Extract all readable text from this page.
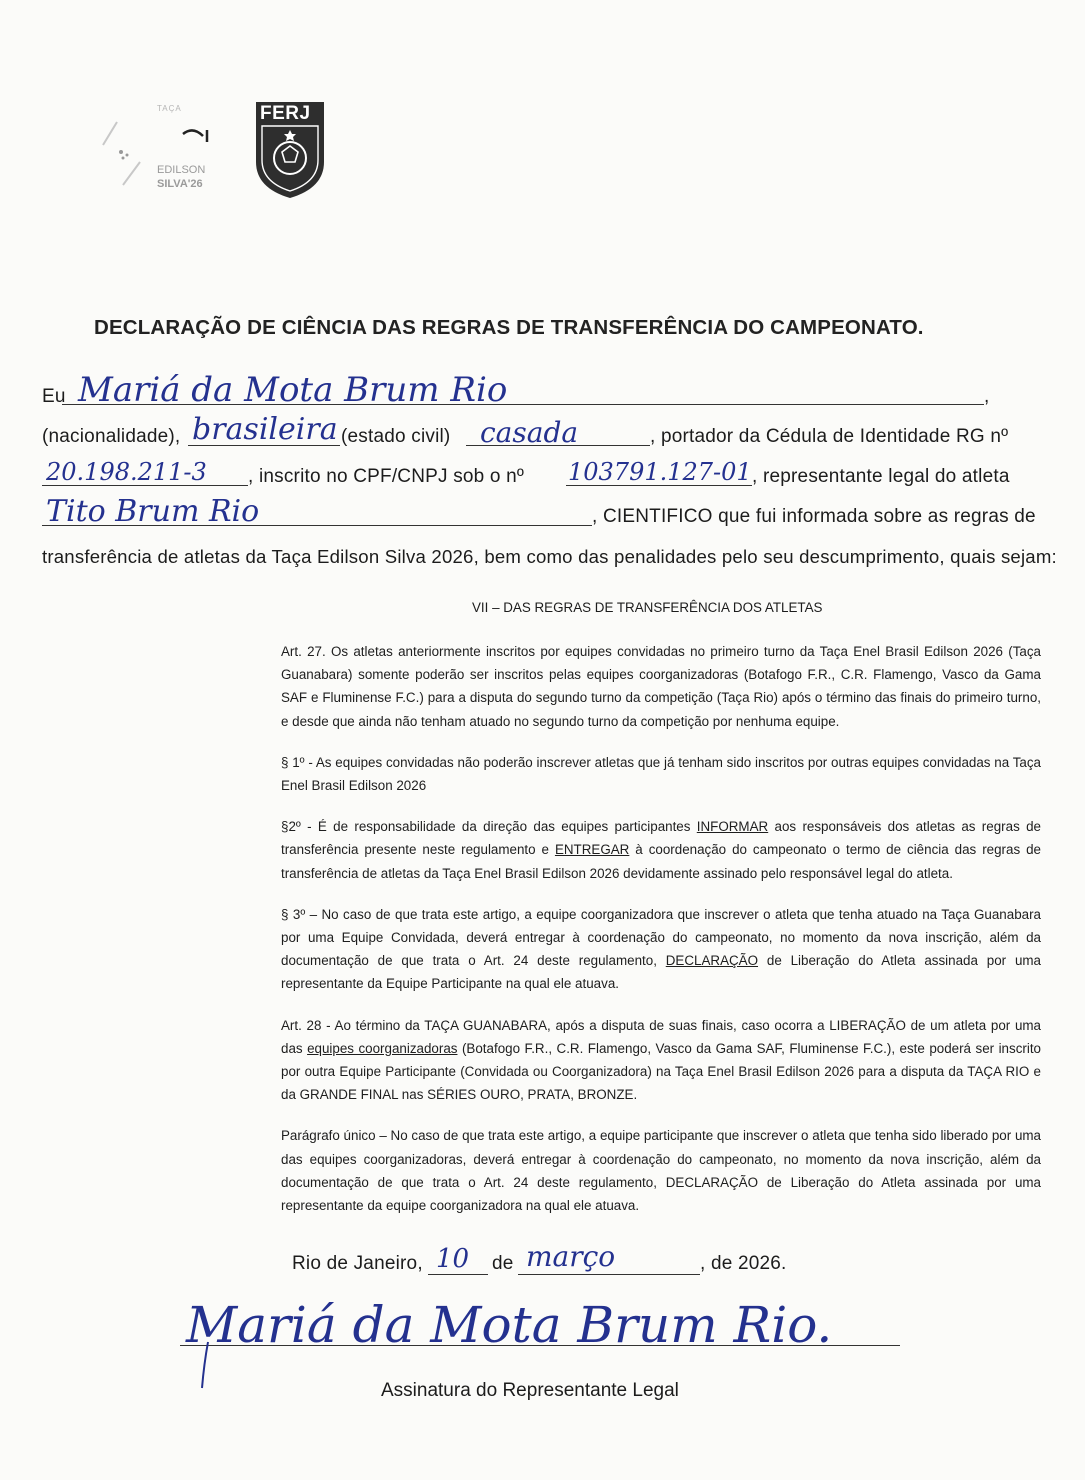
TAÇA
EDILSON
SILVA'26
FERJ
DECLARAÇÃO DE CIÊNCIA DAS REGRAS DE TRANSFERÊNCIA DO CAMPEONATO.
Eu Mariá da Mota Brum Rio	,
(nacionalidade), brasileira (estado civil) casada	, portador da Cédula de Identidade RG nº
20.198.211-3 , inscrito no CPF/CNPJ sob o nº 103791.127-01 , representante legal do atleta
Tito Brum Rio	, CIENTIFICO que fui informada sobre as regras de
transferência de atletas da Taça Edilson Silva 2026, bem como das penalidades pelo seu descumprimento, quais sejam:
VII – DAS REGRAS DE TRANSFERÊNCIA DOS ATLETAS

Art. 27. Os atletas anteriormente inscritos por equipes convidadas no primeiro turno da Taça Enel Brasil Edilson 2026 (Taça Guanabara) somente poderão ser inscritos pelas equipes coorganizadoras (Botafogo F.R., C.R. Flamengo, Vasco da Gama SAF e Fluminense F.C.) para a disputa do segundo turno da competição (Taça Rio) após o término das finais do primeiro turno, e desde que ainda não tenham atuado no segundo turno da competição por nenhuma equipe.

§ 1º - As equipes convidadas não poderão inscrever atletas que já tenham sido inscritos por outras equipes convidadas na Taça Enel Brasil Edilson 2026

§2º - É de responsabilidade da direção das equipes participantes INFORMAR aos responsáveis dos atletas as regras de transferência presente neste regulamento e ENTREGAR à coordenação do campeonato o termo de ciência das regras de transferência de atletas da Taça Enel Brasil Edilson 2026 devidamente assinado pelo responsável legal do atleta.

§ 3º – No caso de que trata este artigo, a equipe coorganizadora que inscrever o atleta que tenha atuado na Taça Guanabara por uma Equipe Convidada, deverá entregar à coordenação do campeonato, no momento da nova inscrição, além da documentação de que trata o Art. 24 deste regulamento, DECLARAÇÃO de Liberação do Atleta assinada por uma representante da Equipe Participante na qual ele atuava.

Art. 28 - Ao término da TAÇA GUANABARA, após a disputa de suas finais, caso ocorra a LIBERAÇÃO de um atleta por uma das equipes coorganizadoras (Botafogo F.R., C.R. Flamengo, Vasco da Gama SAF, Fluminense F.C.), este poderá ser inscrito por outra Equipe Participante (Convidada ou Coorganizadora) na Taça Enel Brasil Edilson 2026 para a disputa da TAÇA RIO e da GRANDE FINAL nas SÉRIES OURO, PRATA, BRONZE.

Parágrafo único – No caso de que trata este artigo, a equipe participante que inscrever o atleta que tenha sido liberado por uma das equipes coorganizadoras, deverá entregar à coordenação do campeonato, no momento da nova inscrição, além da documentação de que trata o Art. 24 deste regulamento, DECLARAÇÃO de Liberação do Atleta assinada por uma representante da equipe coorganizadora na qual ele atuava.

Rio de Janeiro, 10 de março	, de 2026.
Mariá da Mota Brum Rio.
Assinatura do Representante Legal
